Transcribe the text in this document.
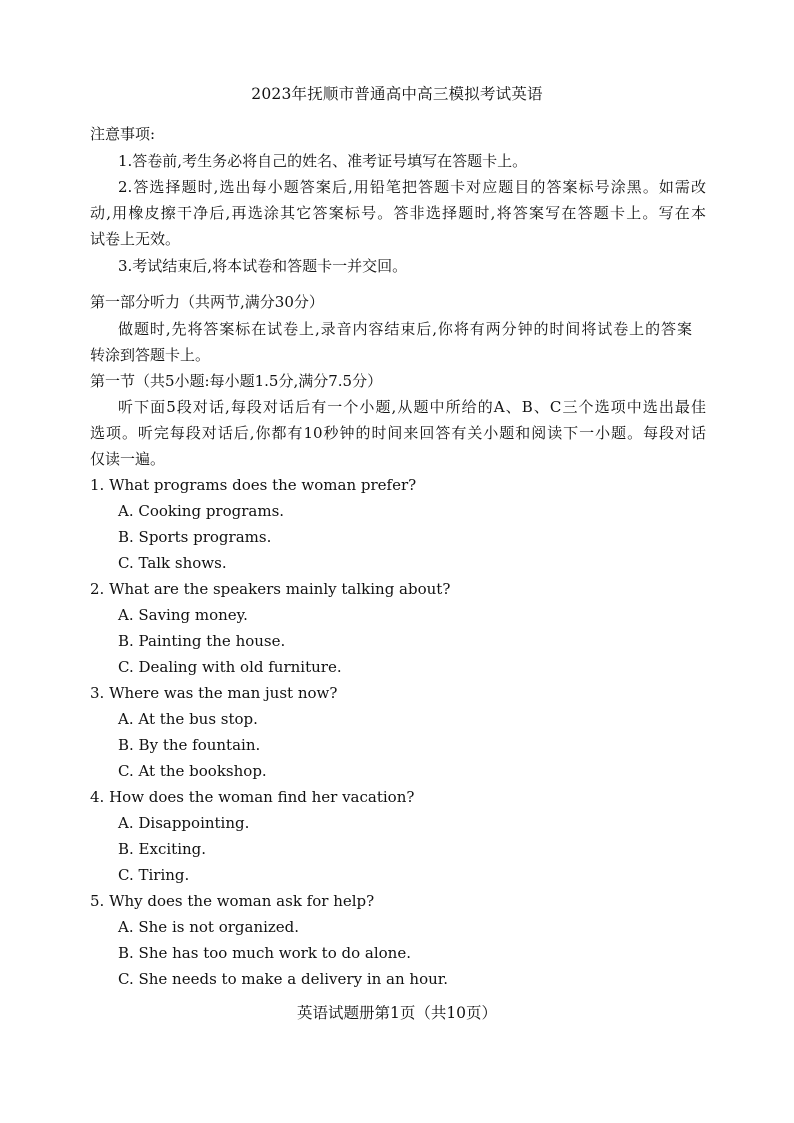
2023年抚顺市普通高中高三模拟考试英语
注意事项:
1.答卷前,考生务必将自己的姓名、准考证号填写在答题卡上。
2.答选择题时,选出每小题答案后,用铅笔把答题卡对应题目的答案标号涂黑。如需改
动,用橡皮擦干净后,再选涂其它答案标号。答非选择题时,将答案写在答题卡上。写在本
试卷上无效。
3.考试结束后,将本试卷和答题卡一并交回。
第一部分听力（共两节,满分30分）
做题时,先将答案标在试卷上,录音内容结束后,你将有两分钟的时间将试卷上的答案
转涂到答题卡上。
第一节（共5小题:每小题1.5分,满分7.5分）
听下面5段对话,每段对话后有一个小题,从题中所给的A、B、C三个选项中选出最佳
选项。听完每段对话后,你都有10秒钟的时间来回答有关小题和阅读下一小题。每段对话
仅读一遍。
1. What programs does the woman prefer?
A. Cooking programs.
B. Sports programs.
C. Talk shows.
2. What are the speakers mainly talking about?
A. Saving money.
B. Painting the house.
C. Dealing with old furniture.
3. Where was the man just now?
A. At the bus stop.
B. By the fountain.
C. At the bookshop.
4. How does the woman find her vacation?
A. Disappointing.
B. Exciting.
C. Tiring.
5. Why does the woman ask for help?
A. She is not organized.
B. She has too much work to do alone.
C. She needs to make a delivery in an hour.
英语试题册第1页（共10页）
